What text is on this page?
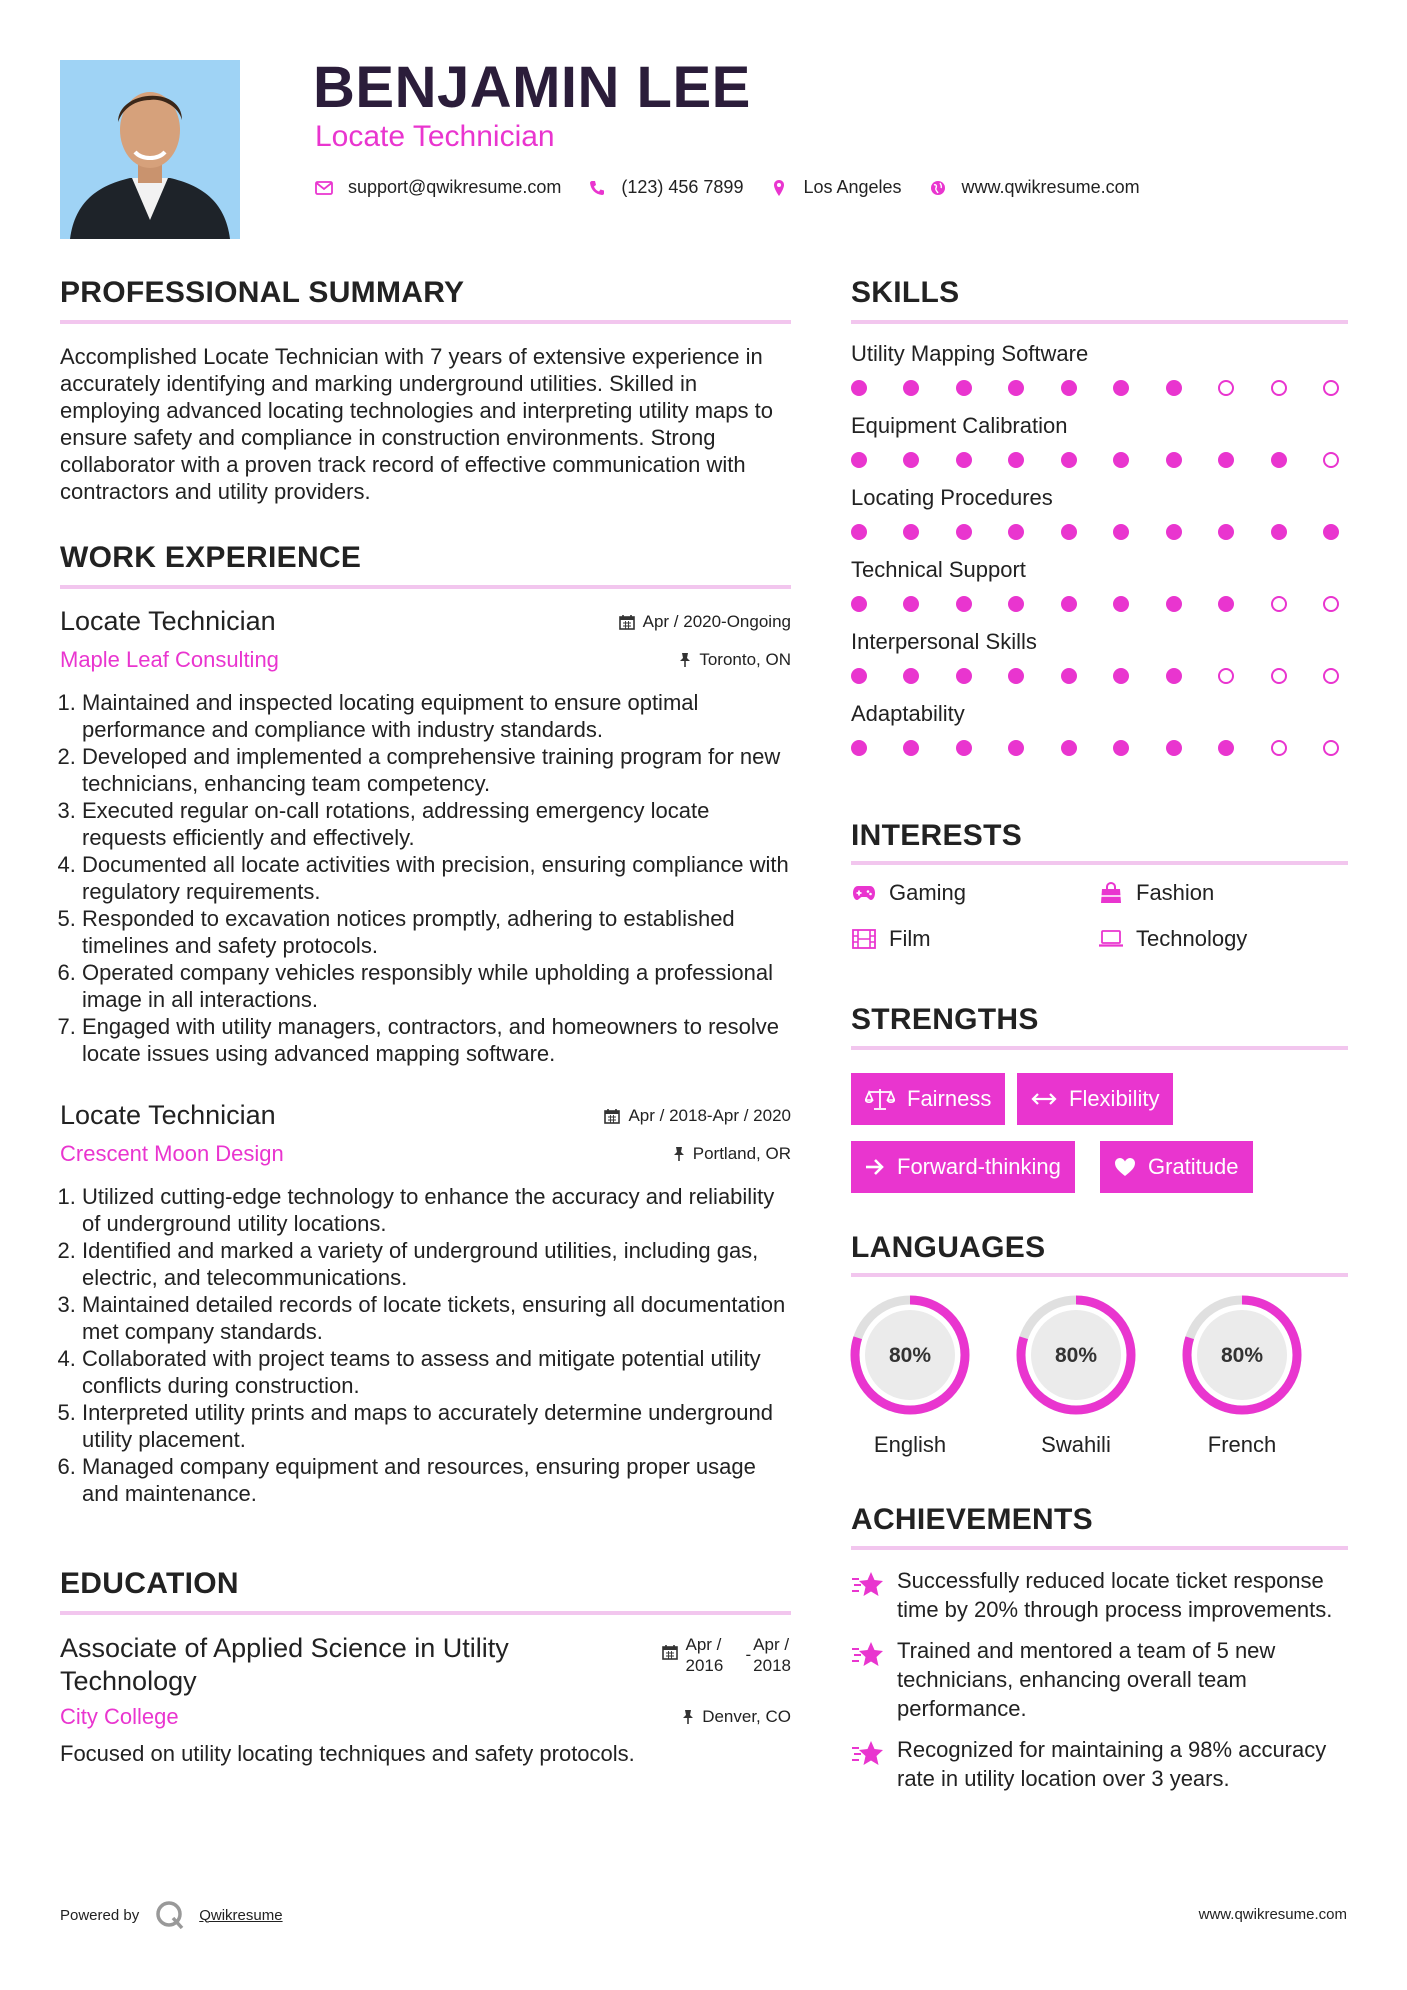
BENJAMIN LEE
Locate Technician
support@qwikresume.com	(123) 456 7899	Los Angeles	www.qwikresume.com
PROFESSIONAL SUMMARY

Accomplished Locate Technician with 7 years of extensive experience in accurately identifying and marking underground utilities. Skilled in employing advanced locating technologies and interpreting utility maps to ensure safety and compliance in construction environments. Strong collaborator with a proven track record of effective communication with contractors and utility providers.

WORK EXPERIENCE
Locate Technician	Apr / 2020-Ongoing
Maple Leaf Consulting	Toronto, ON
1. Maintained and inspected locating equipment to ensure optimal performance and compliance with industry standards.
2. Developed and implemented a comprehensive training program for new technicians, enhancing team competency.
3. Executed regular on-call rotations, addressing emergency locate requests efficiently and effectively.
4. Documented all locate activities with precision, ensuring compliance with regulatory requirements.
5. Responded to excavation notices promptly, adhering to established timelines and safety protocols.
6. Operated company vehicles responsibly while upholding a professional image in all interactions.
7. Engaged with utility managers, contractors, and homeowners to resolve locate issues using advanced mapping software.
Locate Technician	Apr / 2018-Apr / 2020
Crescent Moon Design	Portland, OR
1. Utilized cutting-edge technology to enhance the accuracy and reliability of underground utility locations.
2. Identified and marked a variety of underground utilities, including gas, electric, and telecommunications.
3. Maintained detailed records of locate tickets, ensuring all documentation met company standards.
4. Collaborated with project teams to assess and mitigate potential utility conflicts during construction.
5. Interpreted utility prints and maps to accurately determine underground utility placement.
6. Managed company equipment and resources, ensuring proper usage and maintenance.
EDUCATION
Associate of Applied Science in Utility Technology
Apr /
2016
-
Apr /
2018
City College	Denver, CO

Focused on utility locating techniques and safety protocols.

SKILLS
Utility Mapping Software
Equipment Calibration
Locating Procedures
Technical Support
Interpersonal Skills
Adaptability
INTERESTS
Gaming	Fashion
Film	Technology
STRENGTHS
Fairness	Flexibility
Forward-thinking	Gratitude
LANGUAGES
80%
English
80%
Swahili
80%
French
ACHIEVEMENTS
Successfully reduced locate ticket response time by 20% through process improvements.
Trained and mentored a team of 5 new technicians, enhancing overall team performance.
Recognized for maintaining a 98% accuracy rate in utility location over 3 years.
Powered by	Qwikresume	www.qwikresume.com
